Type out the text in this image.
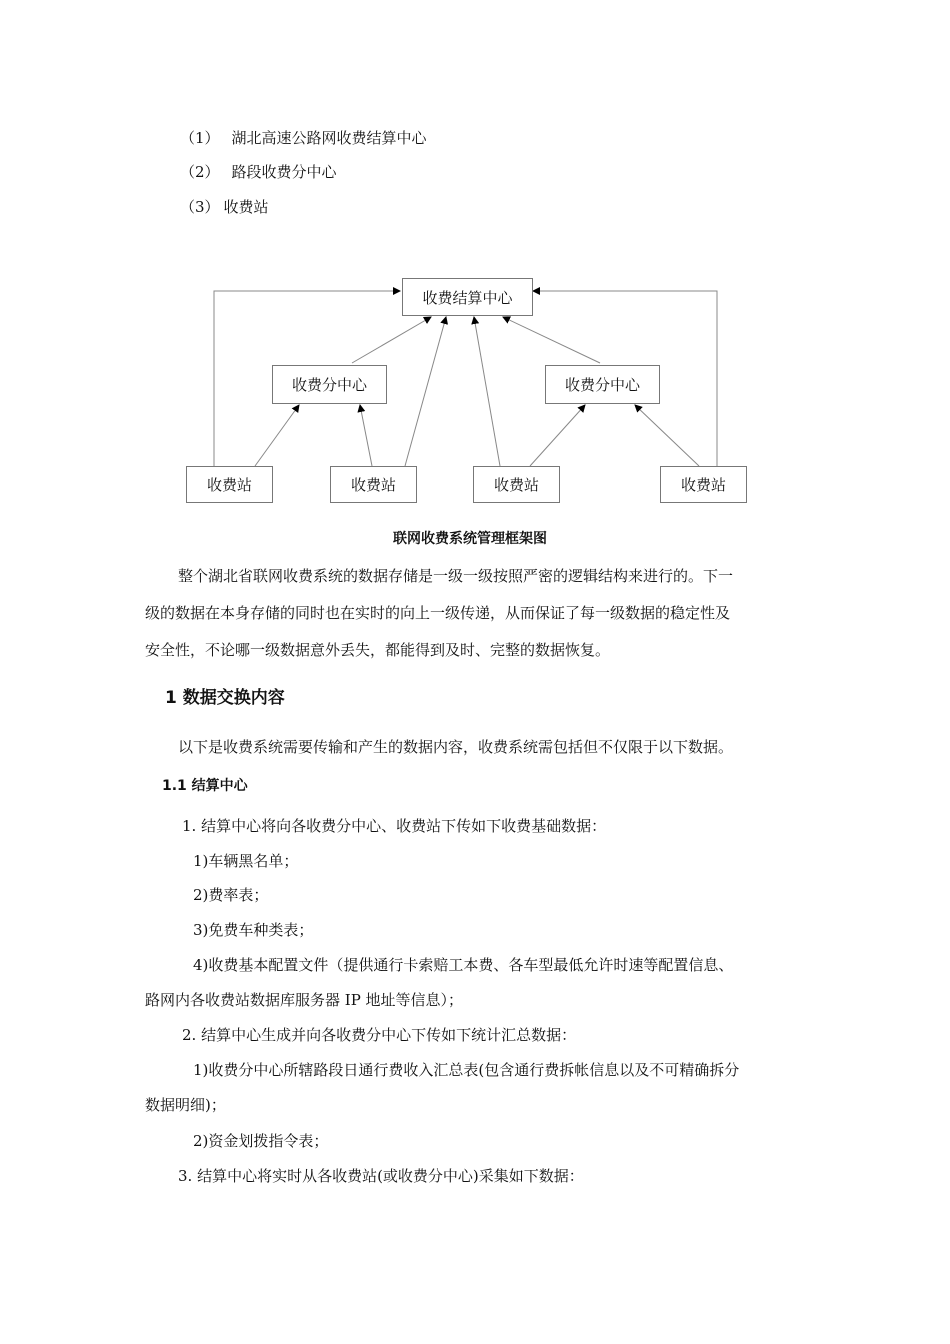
（1） 湖北高速公路网收费结算中心
（2） 路段收费分中心
（3） 收费站
收费结算中心
收费分中心	收费分中心
收费站	收费站	收费站	收费站
联网收费系统管理框架图
整个湖北省联网收费系统的数据存储是一级一级按照严密的逻辑结构来进行的。下一
级的数据在本身存储的同时也在实时的向上一级传递，从而保证了每一级数据的稳定性及
安全性，不论哪一级数据意外丢失，都能得到及时、完整的数据恢复。
1 数据交换内容
以下是收费系统需要传输和产生的数据内容，收费系统需包括但不仅限于以下数据。
1.1 结算中心
1. 结算中心将向各收费分中心、收费站下传如下收费基础数据：
1)车辆黑名单；
2)费率表；
3)免费车种类表；
4)收费基本配置文件（提供通行卡索赔工本费、各车型最低允许时速等配置信息、
路网内各收费站数据库服务器 IP 地址等信息）；
2. 结算中心生成并向各收费分中心下传如下统计汇总数据：
1)收费分中心所辖路段日通行费收入汇总表(包含通行费拆帐信息以及不可精确拆分
数据明细)；
2)资金划拨指令表；
3. 结算中心将实时从各收费站(或收费分中心)采集如下数据：
